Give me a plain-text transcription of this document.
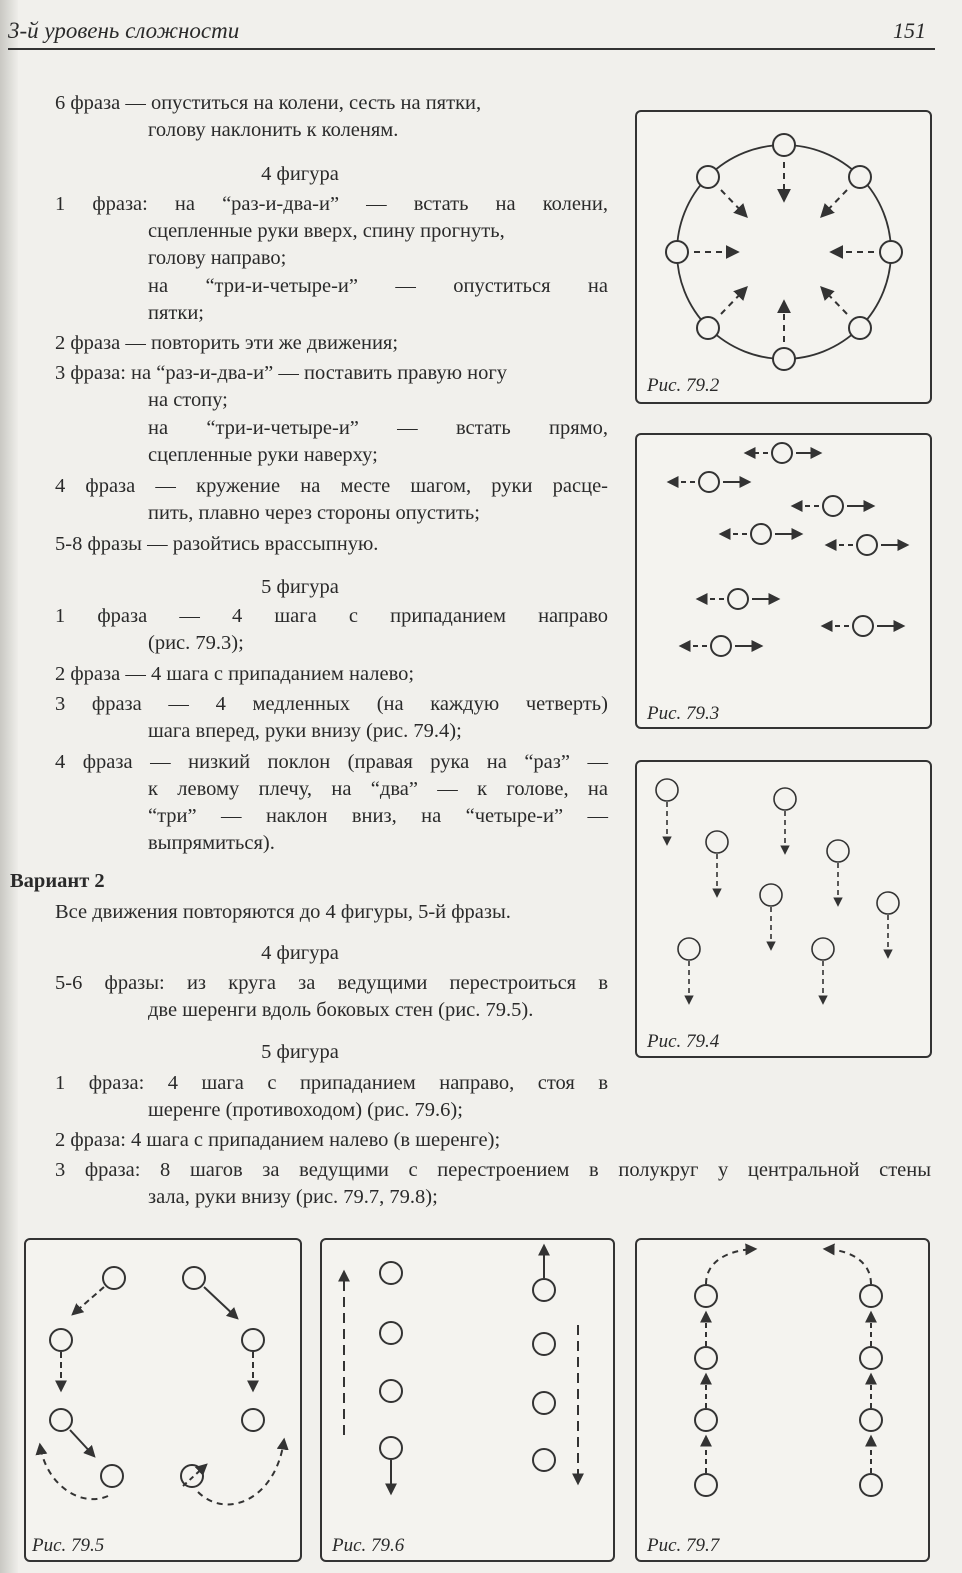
3-й уровень сложности	151
6 фраза — опуститься на колени, сесть на пятки,
голову наклонить к коленям.
4 фигура
1 фраза: на “раз-и-два-и” — встать на колени,
сцепленные руки вверх, спину прогнуть,
голову направо;
на “три-и-четыре-и” — опуститься на
пятки;
2 фраза — повторить эти же движения;
3 фраза: на “раз-и-два-и” — поставить правую ногу
на стопу;
на “три-и-четыре-и” — встать прямо,
сцепленные руки наверху;
4 фраза — кружение на месте шагом, руки расце-
пить, плавно через стороны опустить;
5-8 фразы — разойтись врассыпную.
5 фигура
1 фраза — 4 шага с припаданием направо
(рис. 79.3);
2 фраза — 4 шага с припаданием налево;
3 фраза — 4 медленных (на каждую четверть)
шага вперед, руки внизу (рис. 79.4);
4 фраза — низкий поклон (правая рука на “раз” —
к левому плечу, на “два” — к голове, на
“три” — наклон вниз, на “четыре-и” —
выпрямиться).
Вариант 2
Все движения повторяются до 4 фигуры, 5-й фразы.
4 фигура
5-6 фразы: из круга за ведущими перестроиться в
две шеренги вдоль боковых стен (рис. 79.5).
5 фигура
1 фраза: 4 шага с припаданием направо, стоя в
шеренге (противоходом) (рис. 79.6);
2 фраза: 4 шага с припаданием налево (в шеренге);
3 фраза: 8 шагов за ведущими с перестроением в полукруг у центральной стены
зала, руки внизу (рис. 79.7, 79.8);
Рис. 79.2
Рис. 79.3
Рис. 79.4
Рис. 79.5	Рис. 79.6	Рис. 79.7
